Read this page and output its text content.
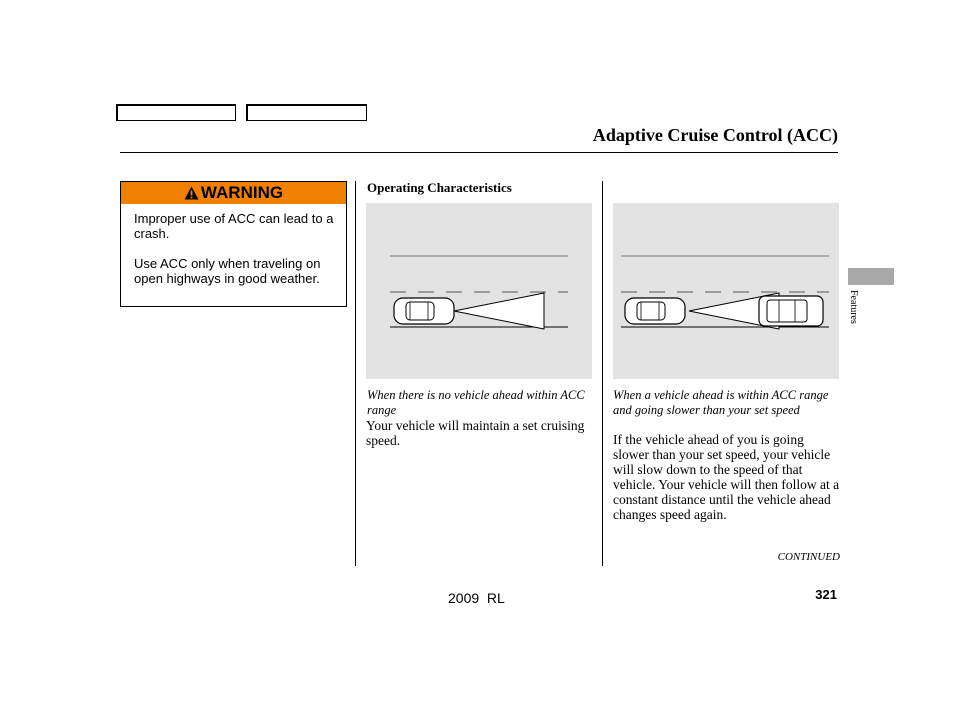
Adaptive Cruise Control (ACC)
WARNING
Improper use of ACC can lead to a crash.
Use ACC only when traveling on open highways in good weather.
Operating Characteristics
When there is no vehicle ahead within ACC range
Your vehicle will maintain a set cruising speed.
When a vehicle ahead is within ACC range and going slower than your set speed
If the vehicle ahead of you is going slower than your set speed, your vehicle will slow down to the speed of that vehicle. Your vehicle will then follow at a constant distance until the vehicle ahead changes speed again.
Features
CONTINUED
2009  RL	321
